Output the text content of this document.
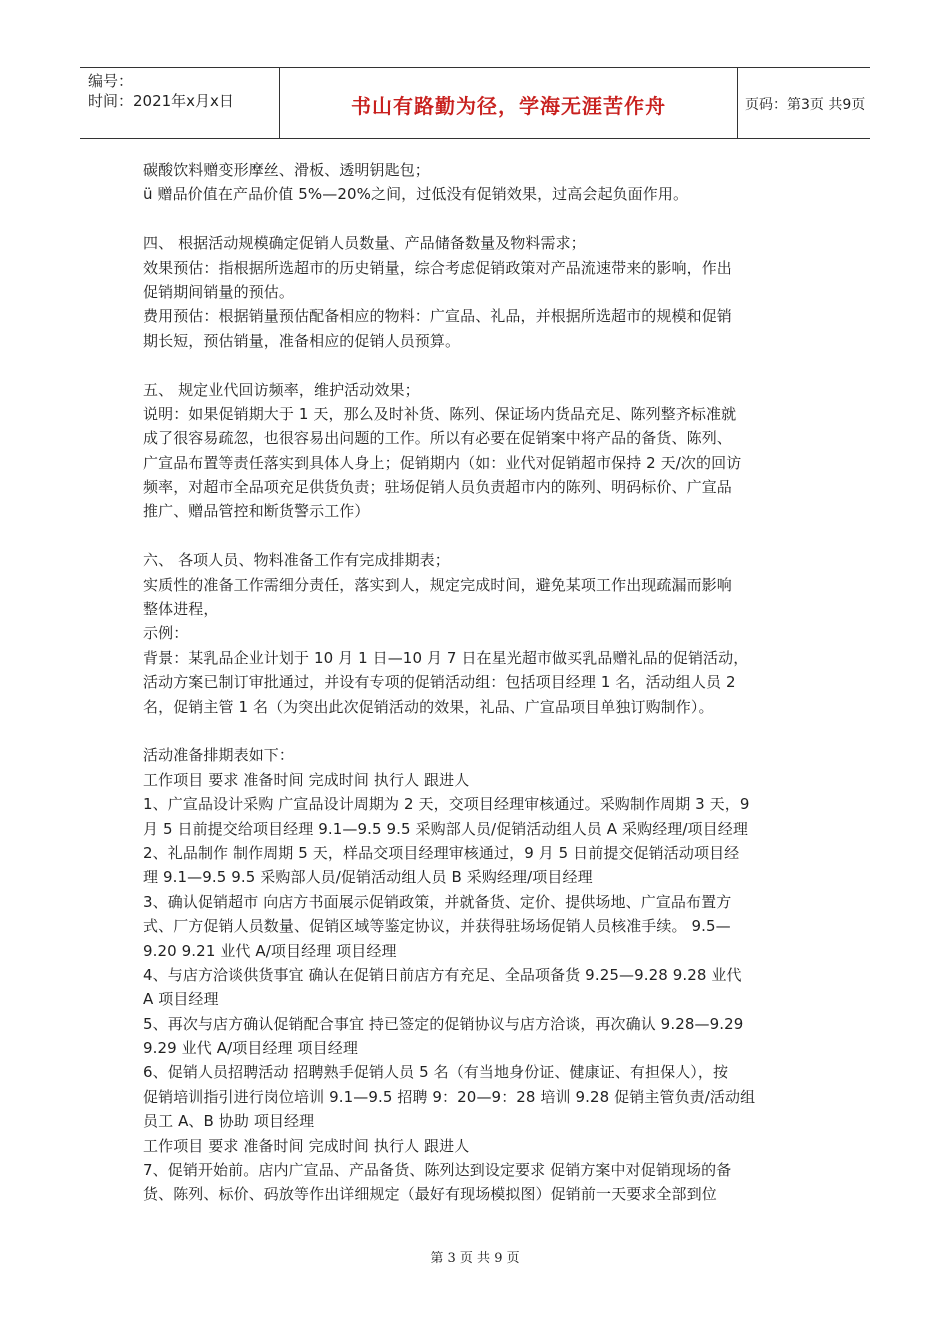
编号：
时间：2021年x月x日	书山有路勤为径，学海无涯苦作舟	页码：第3页 共9页
碳酸饮料赠变形摩丝、滑板、透明钥匙包；
ü 赠品价值在产品价值 5%—20%之间，过低没有促销效果，过高会起负面作用。
四、 根据活动规模确定促销人员数量、产品储备数量及物料需求；
效果预估：指根据所选超市的历史销量，综合考虑促销政策对产品流速带来的影响，作出
促销期间销量的预估。
费用预估：根据销量预估配备相应的物料：广宣品、礼品，并根据所选超市的规模和促销
期长短，预估销量，准备相应的促销人员预算。
五、 规定业代回访频率，维护活动效果；
说明：如果促销期大于 1 天，那么及时补货、陈列、保证场内货品充足、陈列整齐标准就
成了很容易疏忽，也很容易出问题的工作。所以有必要在促销案中将产品的备货、陈列、
广宣品布置等责任落实到具体人身上；促销期内（如：业代对促销超市保持 2 天/次的回访
频率，对超市全品项充足供货负责；驻场促销人员负责超市内的陈列、明码标价、广宣品
推广、赠品管控和断货警示工作）
六、 各项人员、物料准备工作有完成排期表；
实质性的准备工作需细分责任，落实到人，规定完成时间，避免某项工作出现疏漏而影响
整体进程，
示例：
背景：某乳品企业计划于 10 月 1 日—10 月 7 日在星光超市做买乳品赠礼品的促销活动，
活动方案已制订审批通过，并设有专项的促销活动组：包括项目经理 1 名，活动组人员 2
名，促销主管 1 名（为突出此次促销活动的效果，礼品、广宣品项目单独订购制作）。
活动准备排期表如下：
工作项目 要求 准备时间 完成时间 执行人 跟进人
1、广宣品设计采购 广宣品设计周期为 2 天，交项目经理审核通过。采购制作周期 3 天，9
月 5 日前提交给项目经理 9.1—9.5 9.5 采购部人员/促销活动组人员 A 采购经理/项目经理
2、礼品制作 制作周期 5 天，样品交项目经理审核通过，9 月 5 日前提交促销活动项目经
理 9.1—9.5 9.5 采购部人员/促销活动组人员 B 采购经理/项目经理
3、确认促销超市 向店方书面展示促销政策，并就备货、定价、提供场地、广宣品布置方
式、厂方促销人员数量、促销区域等鉴定协议，并获得驻场场促销人员核准手续。 9.5—
9.20 9.21 业代 A/项目经理 项目经理
4、与店方洽谈供货事宜 确认在促销日前店方有充足、全品项备货 9.25—9.28 9.28 业代
A 项目经理
5、再次与店方确认促销配合事宜 持已签定的促销协议与店方洽谈，再次确认 9.28—9.29
9.29 业代 A/项目经理 项目经理
6、促销人员招聘活动 招聘熟手促销人员 5 名（有当地身份证、健康证、有担保人），按
促销培训指引进行岗位培训 9.1—9.5 招聘 9：20—9：28 培训 9.28 促销主管负责/活动组
员工 A、B 协助 项目经理
工作项目 要求 准备时间 完成时间 执行人 跟进人
7、促销开始前。店内广宣品、产品备货、陈列达到设定要求 促销方案中对促销现场的备
货、陈列、标价、码放等作出详细规定（最好有现场模拟图）促销前一天要求全部到位
第 3 页 共 9 页
